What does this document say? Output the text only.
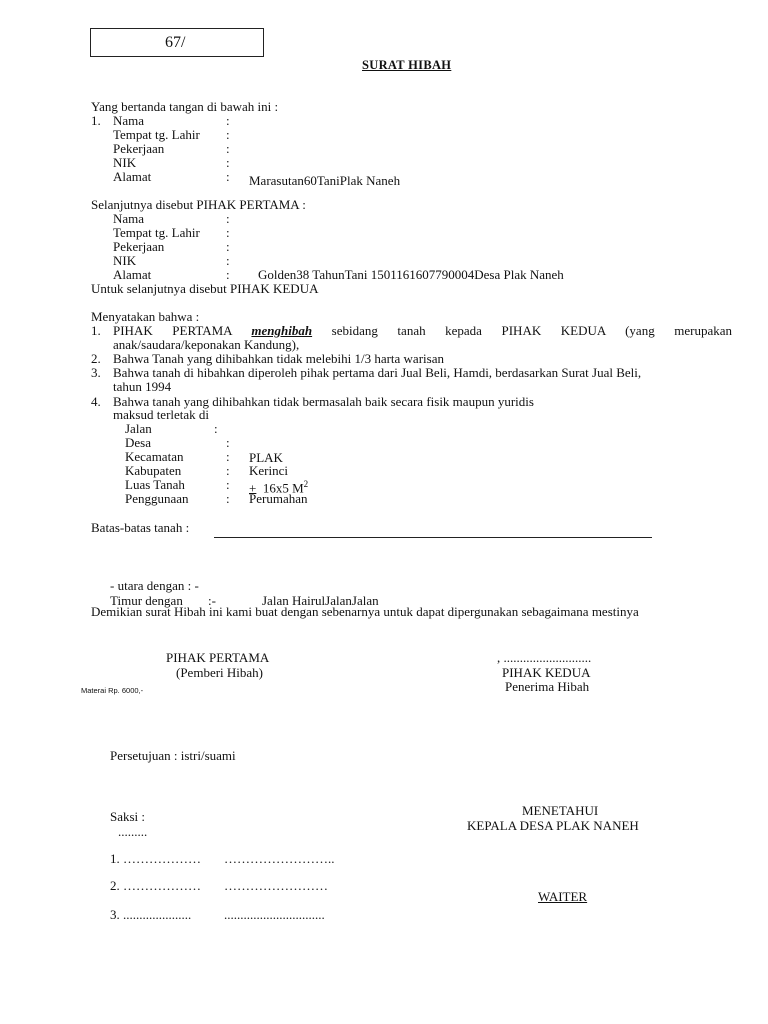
67/
SURAT HIBAH
Yang bertanda tangan di bawah ini :
1. Nama	:
Tempat tg. Lahir :
Pekerjaan	:
NIK	:
Alamat	: Marasutan60TaniPlak Naneh
Selanjutnya disebut PIHAK PERTAMA :
Nama	:
Tempat tg. Lahir :
Pekerjaan	:
NIK	:
Alamat	: Golden38 TahunTani 1501161607790004Desa Plak Naneh
Untuk selanjutnya disebut PIHAK KEDUA
Menyatakan bahwa :
1. PIHAK PERTAMA menghibah sebidang tanah kepada PIHAK KEDUA (yang merupakan
anak/saudara/keponakan Kandung),
2. Bahwa Tanah yang dihibahkan tidak melebihi 1/3 harta warisan
3. Bahwa tanah di hibahkan diperoleh pihak pertama dari Jual Beli, Hamdi, berdasarkan Surat Jual Beli,
tahun 1994
4. Bahwa tanah yang dihibahkan tidak bermasalah baik secara fisik maupun yuridis
maksud terletak di
Jalan	:
Desa	:
Kecamatan	: PLAK
Kabupaten	: Kerinci
Luas Tanah	: + 16x5 $M^2$
Penggunaan	: Perumahan
Batas-batas tanah :
- utara dengan : -
Timur dengan :-	Jalan HairulJalanJalan
Demikian surat Hibah ini kami buat dengan sebenarnya untuk dapat dipergunakan sebagaimana mestinya
PIHAK PERTAMA
(Pemberi Hibah)
Materai Rp. 6000,-
, ...........................
PIHAK KEDUA
Penerima Hibah
Persetujuan : istri/suami
Saksi :
.........
1. ……………… ……………………..
2. ……………… ……………………
3. .....................	...............................
MENETAHUI
KEPALA DESA PLAK NANEH
WAITER
